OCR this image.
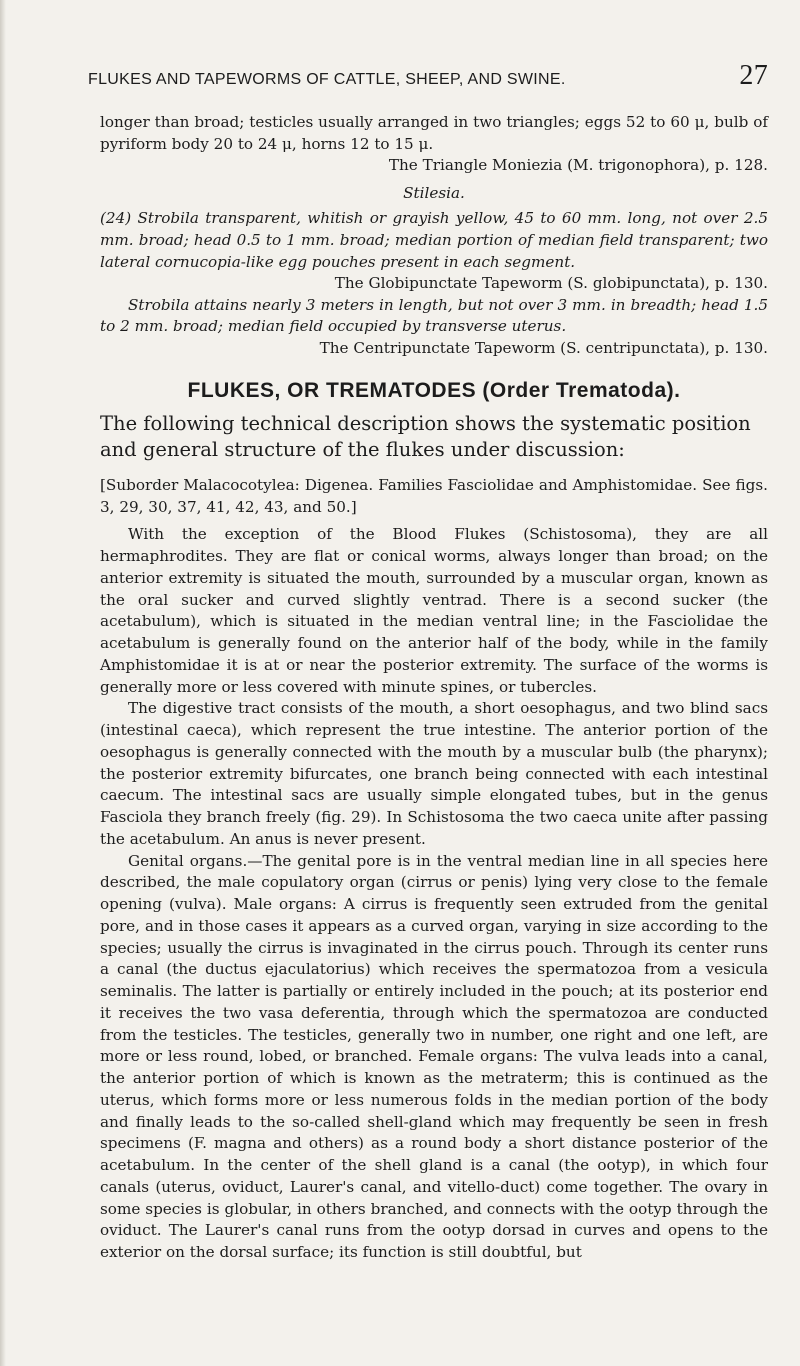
FLUKES AND TAPEWORMS OF CATTLE, SHEEP, AND SWINE.	27

longer than broad; testicles usually arranged in two triangles; eggs 52 to 60 μ, bulb of pyriform body 20 to 24 μ, horns 12 to 15 μ.

The Triangle Moniezia (M. trigonophora), p. 128.

Stilesia.

(24) Strobila transparent, whitish or grayish yellow, 45 to 60 mm. long, not over 2.5 mm. broad; head 0.5 to 1 mm. broad; median portion of median field transparent; two lateral cornucopia-like egg pouches present in each segment.

The Globipunctate Tapeworm (S. globipunctata), p. 130.

Strobila attains nearly 3 meters in length, but not over 3 mm. in breadth; head 1.5 to 2 mm. broad; median field occupied by transverse uterus.

The Centripunctate Tapeworm (S. centripunctata), p. 130.

FLUKES, OR TREMATODES (Order Trematoda).

The following technical description shows the systematic position and general structure of the flukes under discussion:

[Suborder Malacocotylea: Digenea. Families Fasciolidae and Amphistomidae. See figs. 3, 29, 30, 37, 41, 42, 43, and 50.]

With the exception of the Blood Flukes (Schistosoma), they are all hermaphrodites. They are flat or conical worms, always longer than broad; on the anterior extremity is situated the mouth, surrounded by a muscular organ, known as the oral sucker and curved slightly ventrad. There is a second sucker (the acetabulum), which is situated in the median ventral line; in the Fasciolidae the acetabulum is generally found on the anterior half of the body, while in the family Amphistomidae it is at or near the posterior extremity. The surface of the worms is generally more or less covered with minute spines, or tubercles.

The digestive tract consists of the mouth, a short oesophagus, and two blind sacs (intestinal caeca), which represent the true intestine. The anterior portion of the oesophagus is generally connected with the mouth by a muscular bulb (the pharynx); the posterior extremity bifurcates, one branch being connected with each intestinal caecum. The intestinal sacs are usually simple elongated tubes, but in the genus Fasciola they branch freely (fig. 29). In Schistosoma the two caeca unite after passing the acetabulum. An anus is never present.

Genital organs.—The genital pore is in the ventral median line in all species here described, the male copulatory organ (cirrus or penis) lying very close to the female opening (vulva). Male organs: A cirrus is frequently seen extruded from the genital pore, and in those cases it appears as a curved organ, varying in size according to the species; usually the cirrus is invaginated in the cirrus pouch. Through its center runs a canal (the ductus ejaculatorius) which receives the spermatozoa from a vesicula seminalis. The latter is partially or entirely included in the pouch; at its posterior end it receives the two vasa deferentia, through which the spermatozoa are conducted from the testicles. The testicles, generally two in number, one right and one left, are more or less round, lobed, or branched. Female organs: The vulva leads into a canal, the anterior portion of which is known as the metraterm; this is continued as the uterus, which forms more or less numerous folds in the median portion of the body and finally leads to the so-called shell-gland which may frequently be seen in fresh specimens (F. magna and others) as a round body a short distance posterior of the acetabulum. In the center of the shell gland is a canal (the ootyp), in which four canals (uterus, oviduct, Laurer's canal, and vitello-duct) come together. The ovary in some species is globular, in others branched, and connects with the ootyp through the oviduct. The Laurer's canal runs from the ootyp dorsad in curves and opens to the exterior on the dorsal surface; its function is still doubtful, but
